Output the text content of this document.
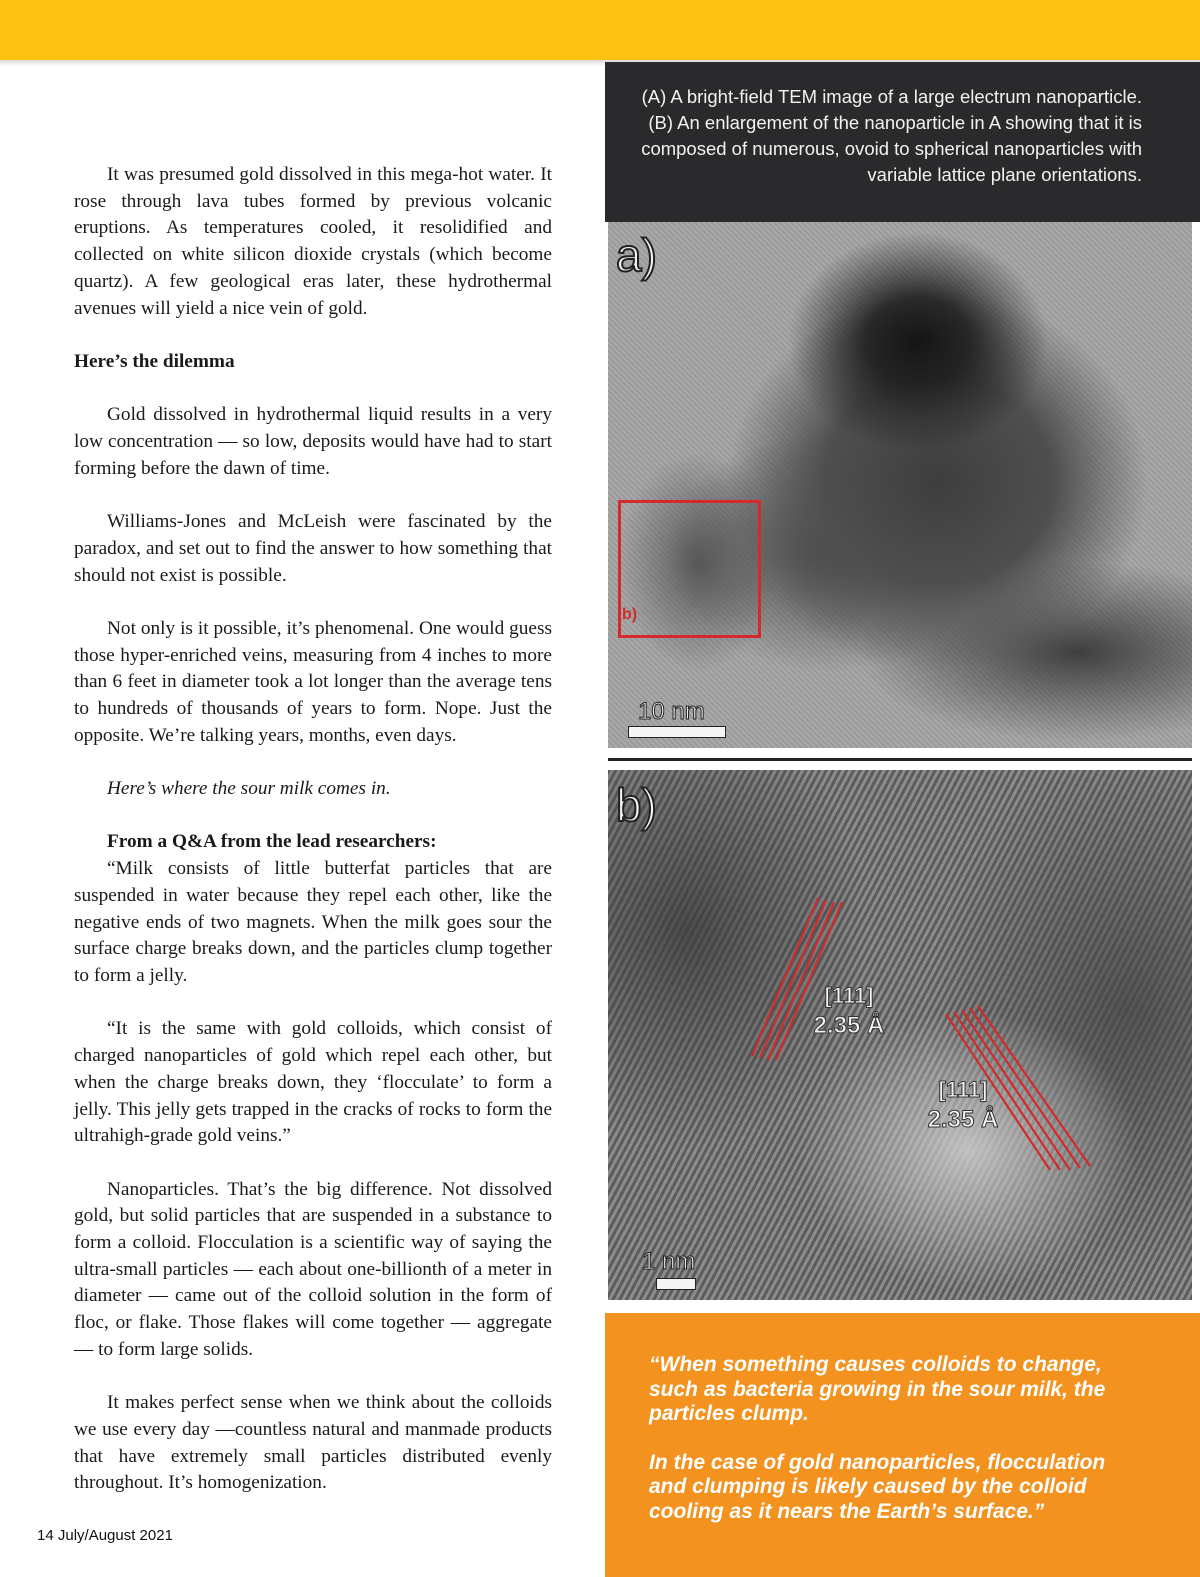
It was presumed gold dissolved in this mega-hot water. It rose through lava tubes formed by previous volcanic eruptions. As temperatures cooled, it resolidified and collected on white silicon dioxide crystals (which become quartz). A few geological eras later, these hydrothermal avenues will yield a nice vein of gold.

Here’s the dilemma

Gold dissolved in hydrothermal liquid results in a very low concentration — so low, deposits would have had to start forming before the dawn of time.

Williams-Jones and McLeish were fascinated by the paradox, and set out to find the answer to how something that should not exist is possible.

Not only is it possible, it’s phenomenal. One would guess those hyper-enriched veins, measuring from 4 inches to more than 6 feet in diameter took a lot longer than the average tens to hundreds of thousands of years to form. Nope. Just the opposite. We’re talking years, months, even days.

Here’s where the sour milk comes in.

From a Q&A from the lead researchers:

“Milk consists of little butterfat particles that are suspended in water because they repel each other, like the negative ends of two magnets. When the milk goes sour the surface charge breaks down, and the particles clump together to form a jelly.

“It is the same with gold colloids, which consist of charged nanoparticles of gold which repel each other, but when the charge breaks down, they ‘flocculate’ to form a jelly. This jelly gets trapped in the cracks of rocks to form the ultrahigh-grade gold veins.”

Nanoparticles. That’s the big difference. Not dissolved gold, but solid particles that are suspended in a substance to form a colloid. Flocculation is a scientific way of saying the ultra-small particles — each about one-billionth of a meter in diameter — came out of the colloid solution in the form of floc, or flake. Those flakes will come together — aggregate — to form large solids.

It makes perfect sense when we think about the colloids we use every day —countless natural and manmade products that have extremely small particles distributed evenly throughout. It’s homogenization.

14 July/August 2021
(A) A bright-field TEM image of a large electrum nanoparticle. (B) An enlargement of the nanoparticle in A showing that it is composed of numerous, ovoid to spherical nanoparticles with variable lattice plane orientations.
a)
b)
10 nm
b)
[111]
2.35 Å
[111]
2.35 Å
1 nm

“When something causes colloids to change, such as bacteria growing in the sour milk, the particles clump.

In the case of gold nanoparticles, flocculation and clumping is likely caused by the colloid cooling as it nears the Earth’s surface.”
